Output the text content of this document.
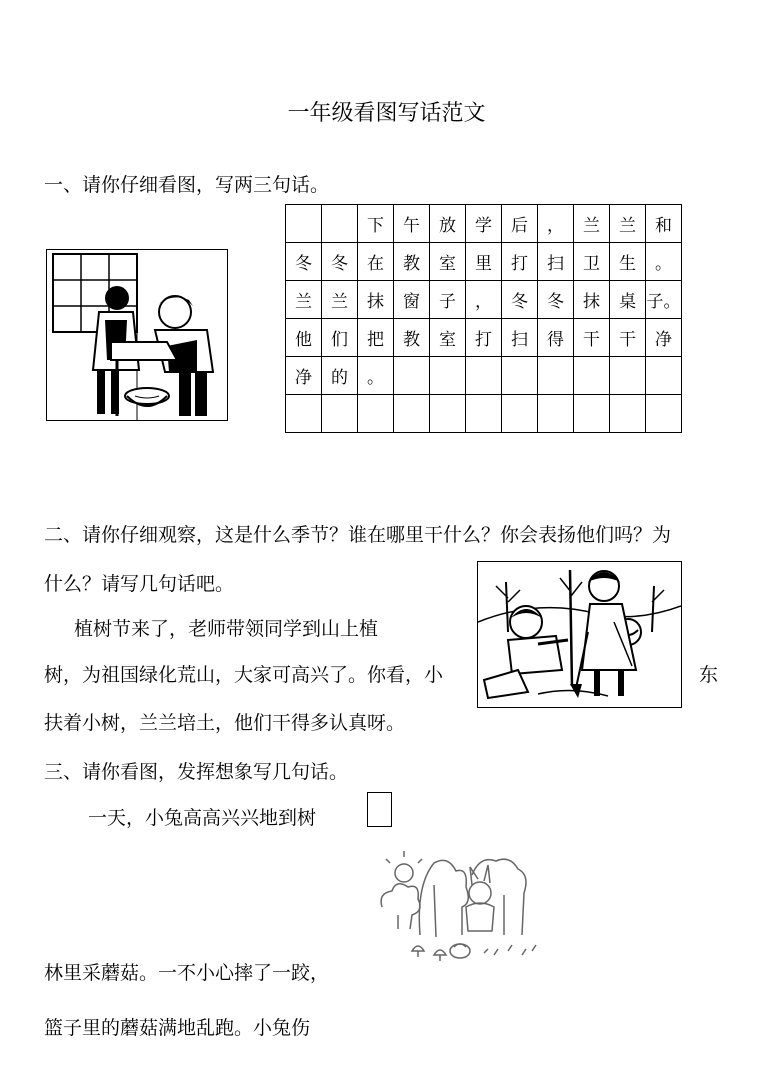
一年级看图写话范文
一、请你仔细看图，写两三句话。
		下	午	放	学	后	，	兰	兰	和
冬	冬	在	教	室	里	打	扫	卫	生	。
兰	兰	抹	窗	子	，	冬	冬	抹	桌	子。
他	们	把	教	室	打	扫	得	干	干	净
净	的	。								

二、请你仔细观察，这是什么季节？谁在哪里干什么？你会表扬他们吗？为
什么？请写几句话吧。
植树节来了，老师带领同学到山上植
树，为祖国绿化荒山，大家可高兴了。你看，小	东
扶着小树，兰兰培土，他们干得多认真呀。
三、请你看图，发挥想象写几句话。
一天，小兔高高兴兴地到树
林里采蘑菇。一不小心摔了一跤，
篮子里的蘑菇满地乱跑。小兔伤
